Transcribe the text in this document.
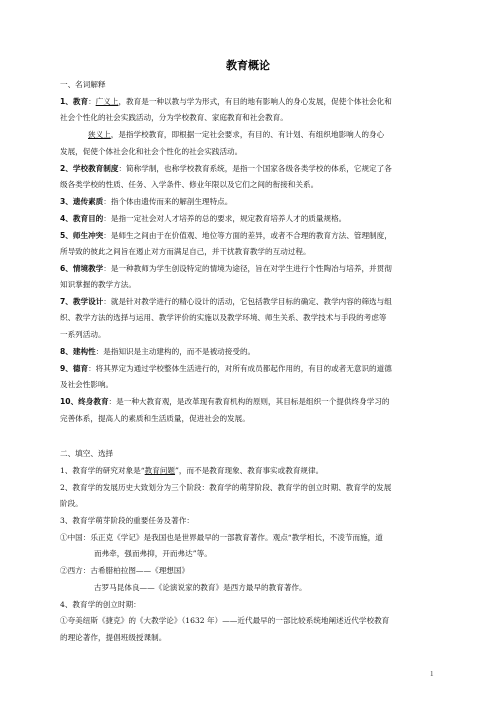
教育概论
一、名词解释
1、教育：广义上，教育是一种以教与学为形式，有目的地有影响人的身心发展，促使个体社会化和
社会个性化的社会实践活动，分为学校教育、家庭教育和社会教育。
狭义上，是指学校教育，即根据一定社会要求，有目的、有计划、有组织地影响人的身心
发展，促使个体社会化和社会个性化的社会实践活动。
2、学校教育制度：简称学制，也称学校教育系统，是指一个国家各级各类学校的体系，它规定了各
级各类学校的性质、任务、入学条件、修业年限以及它们之间的衔接和关系。
3、遗传素质：指个体由遗传而来的解剖生理特点。
4、教育目的：是指一定社会对人才培养的总的要求，规定教育培养人才的质量规格。
5、师生冲突：是师生之间由于在价值观、地位等方面的差异，或者不合理的教育方法、管理制度，
所导致的彼此之间旨在遏止对方而满足自己，并干扰教育教学的互动过程。
6、情境教学：是一种教师为学生创设特定的情境为途径，旨在对学生进行个性陶冶与培养，并贯彻
知识掌握的教学方法。
7、教学设计：就是针对教学进行的精心设计的活动，它包括教学目标的确定、教学内容的筛选与组
织、教学方法的选择与运用、教学评价的实施以及教学环境、师生关系、教学技术与手段的考虑等
一系列活动。
8、建构性：是指知识是主动建构的，而不是被动接受的。
9、德育：将其界定为通过学校整体生活进行的，对所有成员都起作用的，有目的或者无意识的道德
及社会性影响。
10、终身教育：是一种大教育观，是改革现有教育机构的原则，其目标是组织一个提供终身学习的
完善体系，提高人的素质和生活质量，促进社会的发展。
二、填空、选择
1、教育学的研究对象是“教育问题”，而不是教育现象、教育事实或教育规律。
2、教育学的发展历史大致划分为三个阶段：教育学的萌芽阶段、教育学的创立时期、教育学的发展
阶段。
3、教育学萌芽阶段的重要任务及著作：
①中国：乐正克《学记》是我国也是世界最早的一部教育著作。观点“教学相长，不凌节而施，道
而弗牵，强而弗抑，开而弗达”等。
②西方：古希腊柏拉图——《理想国》
古罗马昆体良——《论演说家的教育》是西方最早的教育著作。
4、教育学的创立时期：
①夸美纽斯《捷克》的《大教学论》（1632 年）——近代最早的一部比较系统地阐述近代学校教育
的理论著作，提倡班级授课制。
1
